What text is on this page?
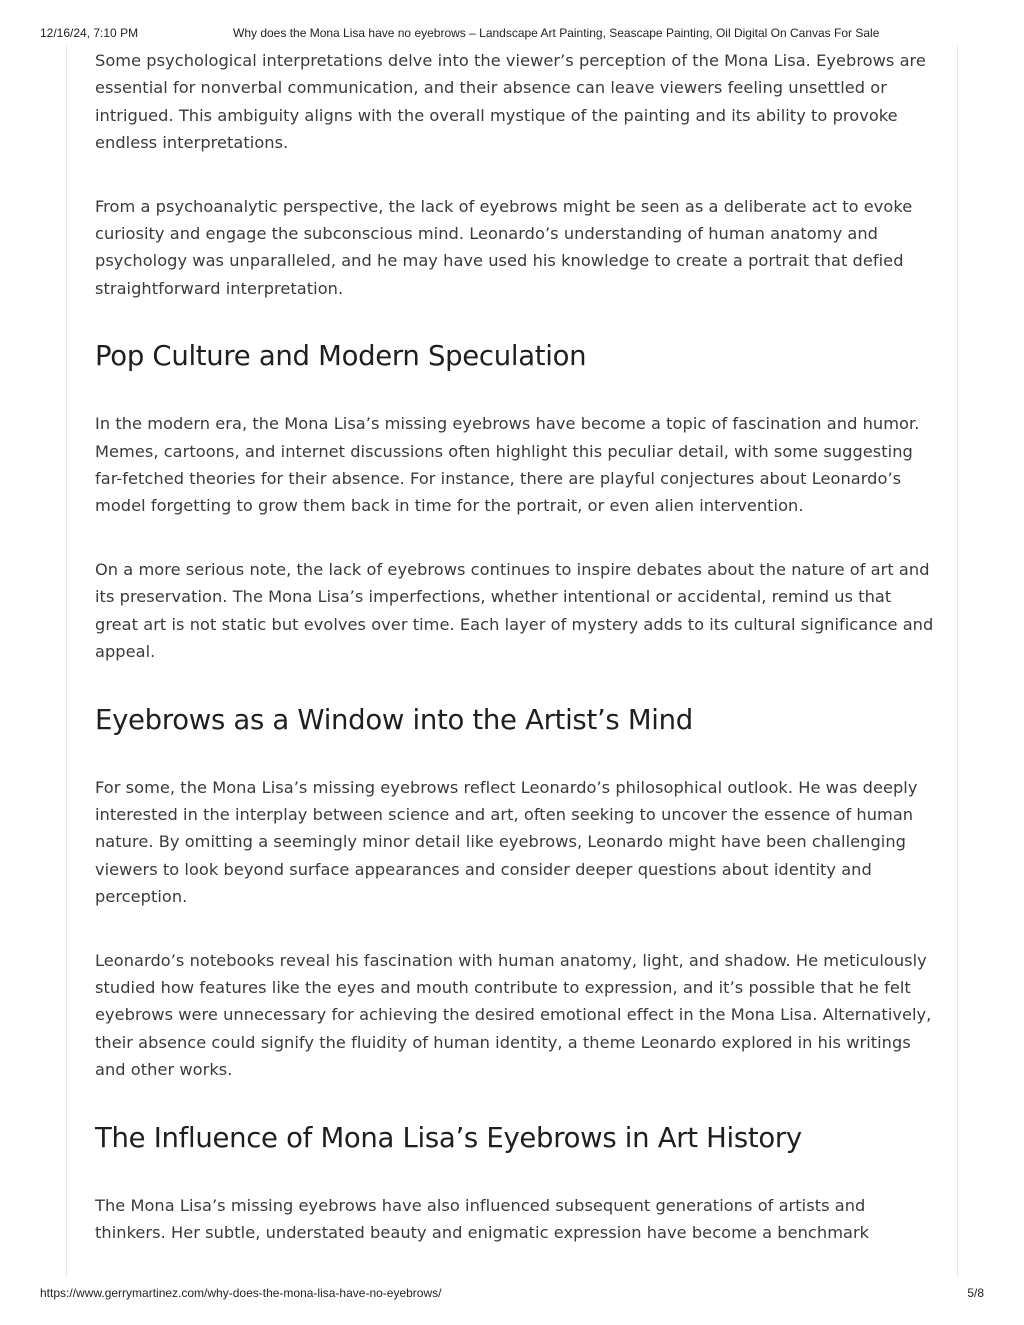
12/16/24, 7:10 PM	Why does the Mona Lisa have no eyebrows – Landscape Art Painting, Seascape Painting, Oil Digital On Canvas For Sale

Some psychological interpretations delve into the viewer’s perception of the Mona Lisa. Eyebrows are essential for nonverbal communication, and their absence can leave viewers feeling unsettled or intrigued. This ambiguity aligns with the overall mystique of the painting and its ability to provoke endless interpretations.

From a psychoanalytic perspective, the lack of eyebrows might be seen as a deliberate act to evoke curiosity and engage the subconscious mind. Leonardo’s understanding of human anatomy and psychology was unparalleled, and he may have used his knowledge to create a portrait that defied straightforward interpretation.

Pop Culture and Modern Speculation

In the modern era, the Mona Lisa’s missing eyebrows have become a topic of fascination and humor. Memes, cartoons, and internet discussions often highlight this peculiar detail, with some suggesting far-fetched theories for their absence. For instance, there are playful conjectures about Leonardo’s model forgetting to grow them back in time for the portrait, or even alien intervention.

On a more serious note, the lack of eyebrows continues to inspire debates about the nature of art and its preservation. The Mona Lisa’s imperfections, whether intentional or accidental, remind us that great art is not static but evolves over time. Each layer of mystery adds to its cultural significance and appeal.

Eyebrows as a Window into the Artist’s Mind

For some, the Mona Lisa’s missing eyebrows reflect Leonardo’s philosophical outlook. He was deeply interested in the interplay between science and art, often seeking to uncover the essence of human nature. By omitting a seemingly minor detail like eyebrows, Leonardo might have been challenging viewers to look beyond surface appearances and consider deeper questions about identity and perception.

Leonardo’s notebooks reveal his fascination with human anatomy, light, and shadow. He meticulously studied how features like the eyes and mouth contribute to expression, and it’s possible that he felt eyebrows were unnecessary for achieving the desired emotional effect in the Mona Lisa. Alternatively, their absence could signify the fluidity of human identity, a theme Leonardo explored in his writings and other works.

The Influence of Mona Lisa’s Eyebrows in Art History

The Mona Lisa’s missing eyebrows have also influenced subsequent generations of artists and thinkers. Her subtle, understated beauty and enigmatic expression have become a benchmark

https://www.gerrymartinez.com/why-does-the-mona-lisa-have-no-eyebrows/	5/8
